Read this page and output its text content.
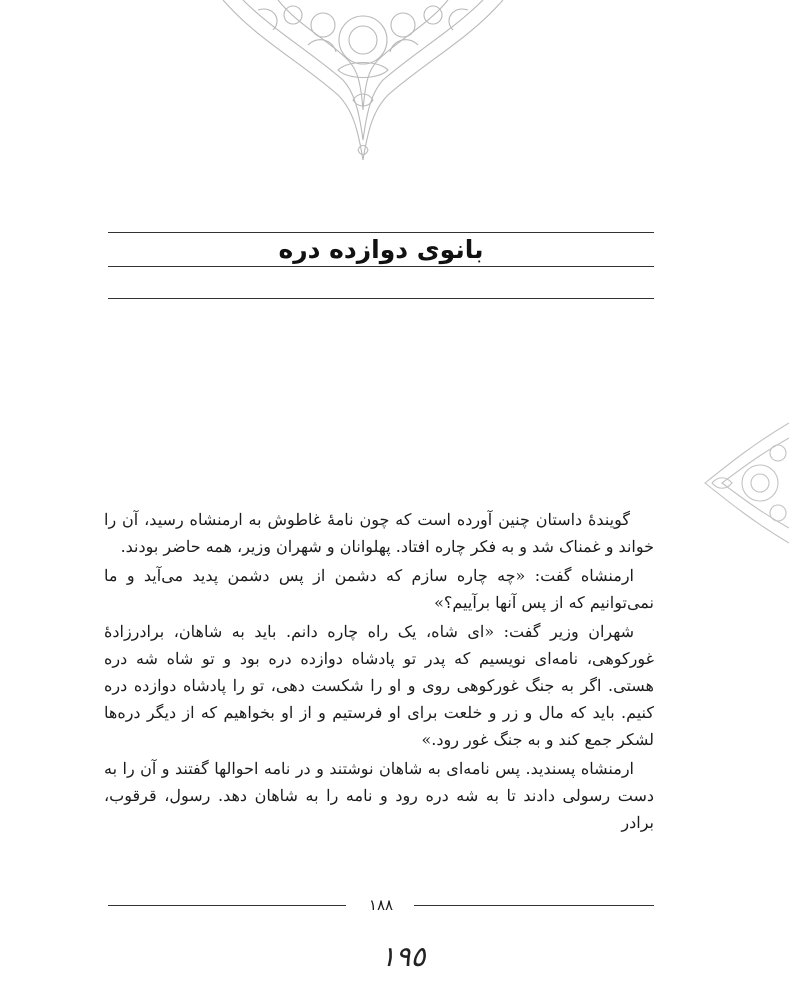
بانوی دوازده دره

گویندهٔ داستان چنین آورده است که چون نامهٔ غاطوش به ارمنشاه رسید، آن را خواند و غمناک شد و به فکر چاره افتاد. پهلوانان و شهران وزیر، همه حاضر بودند.

ارمنشاه گفت: «چه چاره سازم که دشمن از پس دشمن پدید می‌آید و ما نمی‌توانیم که از پس آنها برآییم؟»

شهران وزیر گفت: «ای شاه، یک راه چاره دانم. باید به شاهان، برادرزادهٔ غورکوهی، نامه‌ای نویسیم که پدر تو پادشاه دوازده دره بود و تو شاه شه دره هستی. اگر به جنگ غورکوهی روی و او را شکست دهی، تو را پادشاه دوازده دره کنیم. باید که مال و زر و خلعت برای او فرستیم و از او بخواهیم که از دیگر دره‌ها لشکر جمع کند و به جنگ غور رود.»

ارمنشاه پسندید. پس نامه‌ای به شاهان نوشتند و در نامه احوالها گفتند و آن را به دست رسولی دادند تا به شه دره رود و نامه را به شاهان دهد. رسول، قرقوب، برادر

۱۸۸
١٩٥
